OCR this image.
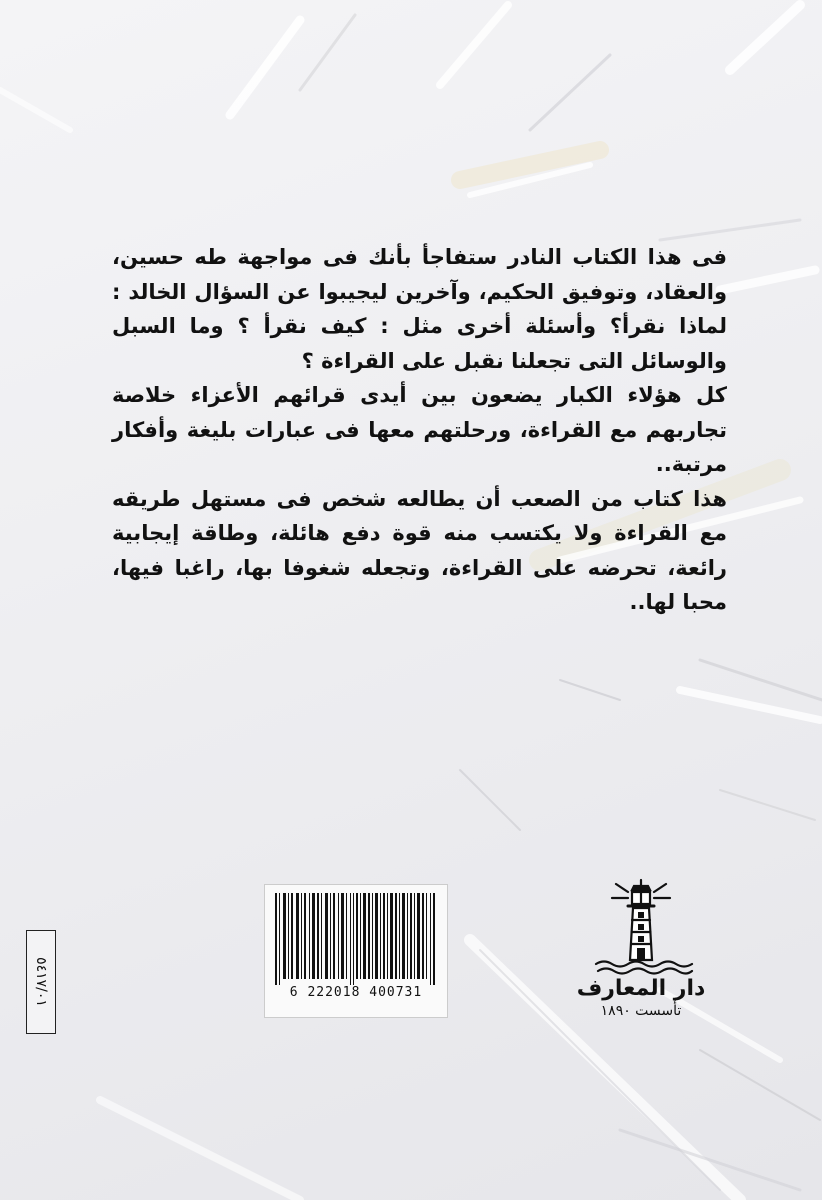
فى هذا الكتاب النادر ستفاجأ بأنك فى مواجهة طه حسين، والعقاد، وتوفيق الحكيم، وآخرين ليجيبوا عن السؤال الخالد : لماذا نقرأ؟ وأسئلة أخرى مثل : كيف نقرأ ؟ وما السبل والوسائل التى تجعلنا نقبل على القراءة ؟

كل هؤلاء الكبار يضعون بين أيدى قرائهم الأعزاء خلاصة تجاربهم مع القراءة، ورحلتهم معها فى عبارات بليغة وأفكار مرتبة..

هذا كتاب من الصعب أن يطالعه شخص فى مستهل طريقه مع القراءة ولا يكتسب منه قوة دفع هائلة، وطاقة إيجابية رائعة، تحرضه على القراءة، وتجعله شغوفا بها، راغبا فيها، محبا لها..

6 222018 400731	دار المعارف
تأسست ١٨٩٠
٥٤١٧/٠١
